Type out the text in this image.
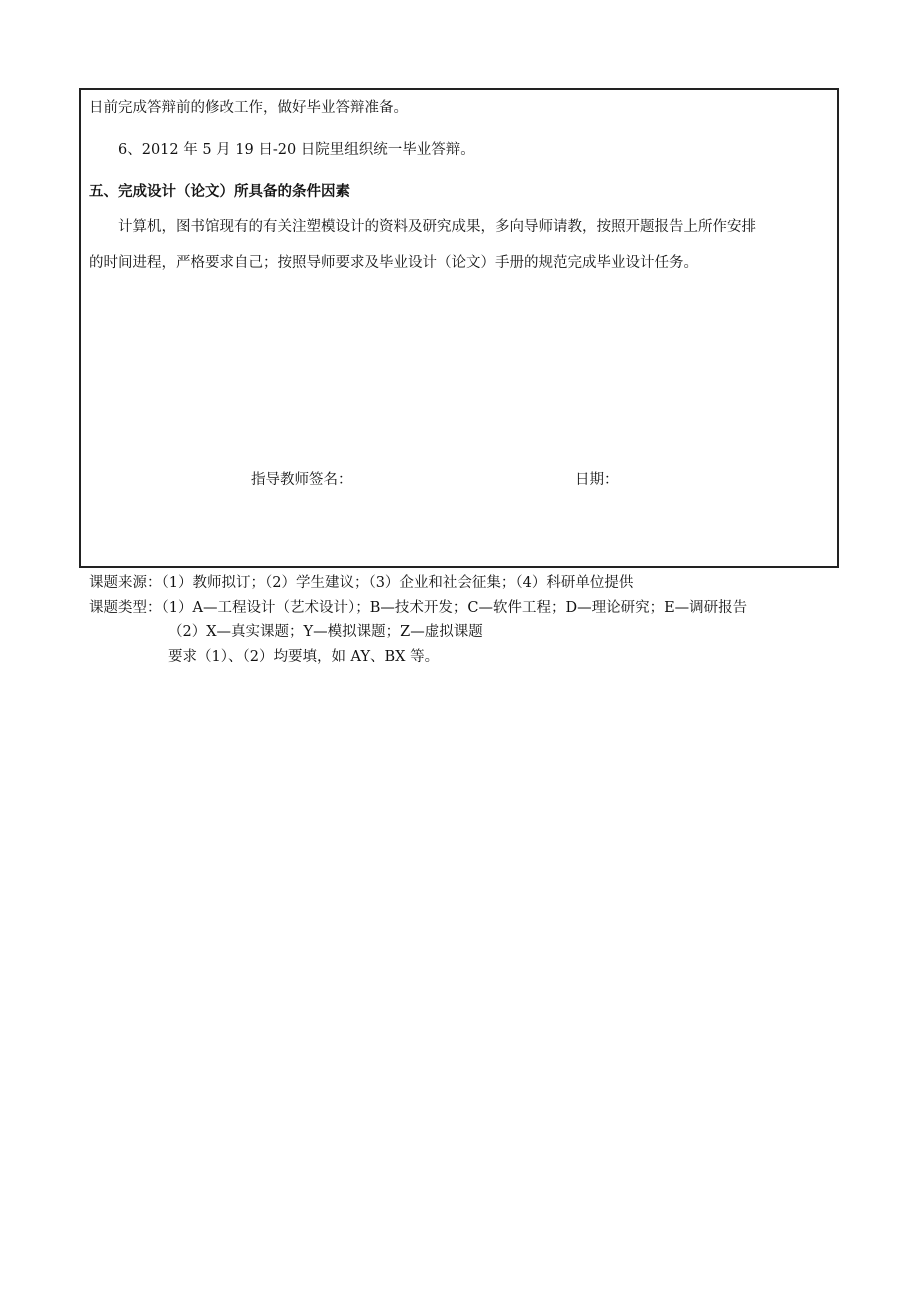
日前完成答辩前的修改工作，做好毕业答辩准备。
6、2012 年 5 月 19 日-20 日院里组织统一毕业答辩。
五、完成设计（论文）所具备的条件因素
计算机，图书馆现有的有关注塑模设计的资料及研究成果，多向导师请教，按照开题报告上所作安排
的时间进程，严格要求自己；按照导师要求及毕业设计（论文）手册的规范完成毕业设计任务。
指导教师签名：	日期：
课题来源：（1）教师拟订；（2）学生建议；（3）企业和社会征集；（4）科研单位提供
课题类型：（1）A—工程设计（艺术设计）；B—技术开发；C—软件工程；D—理论研究；E—调研报告
（2）X—真实课题；Y—模拟课题；Z—虚拟课题
要求（1）、（2）均要填，如 AY、BX 等。
